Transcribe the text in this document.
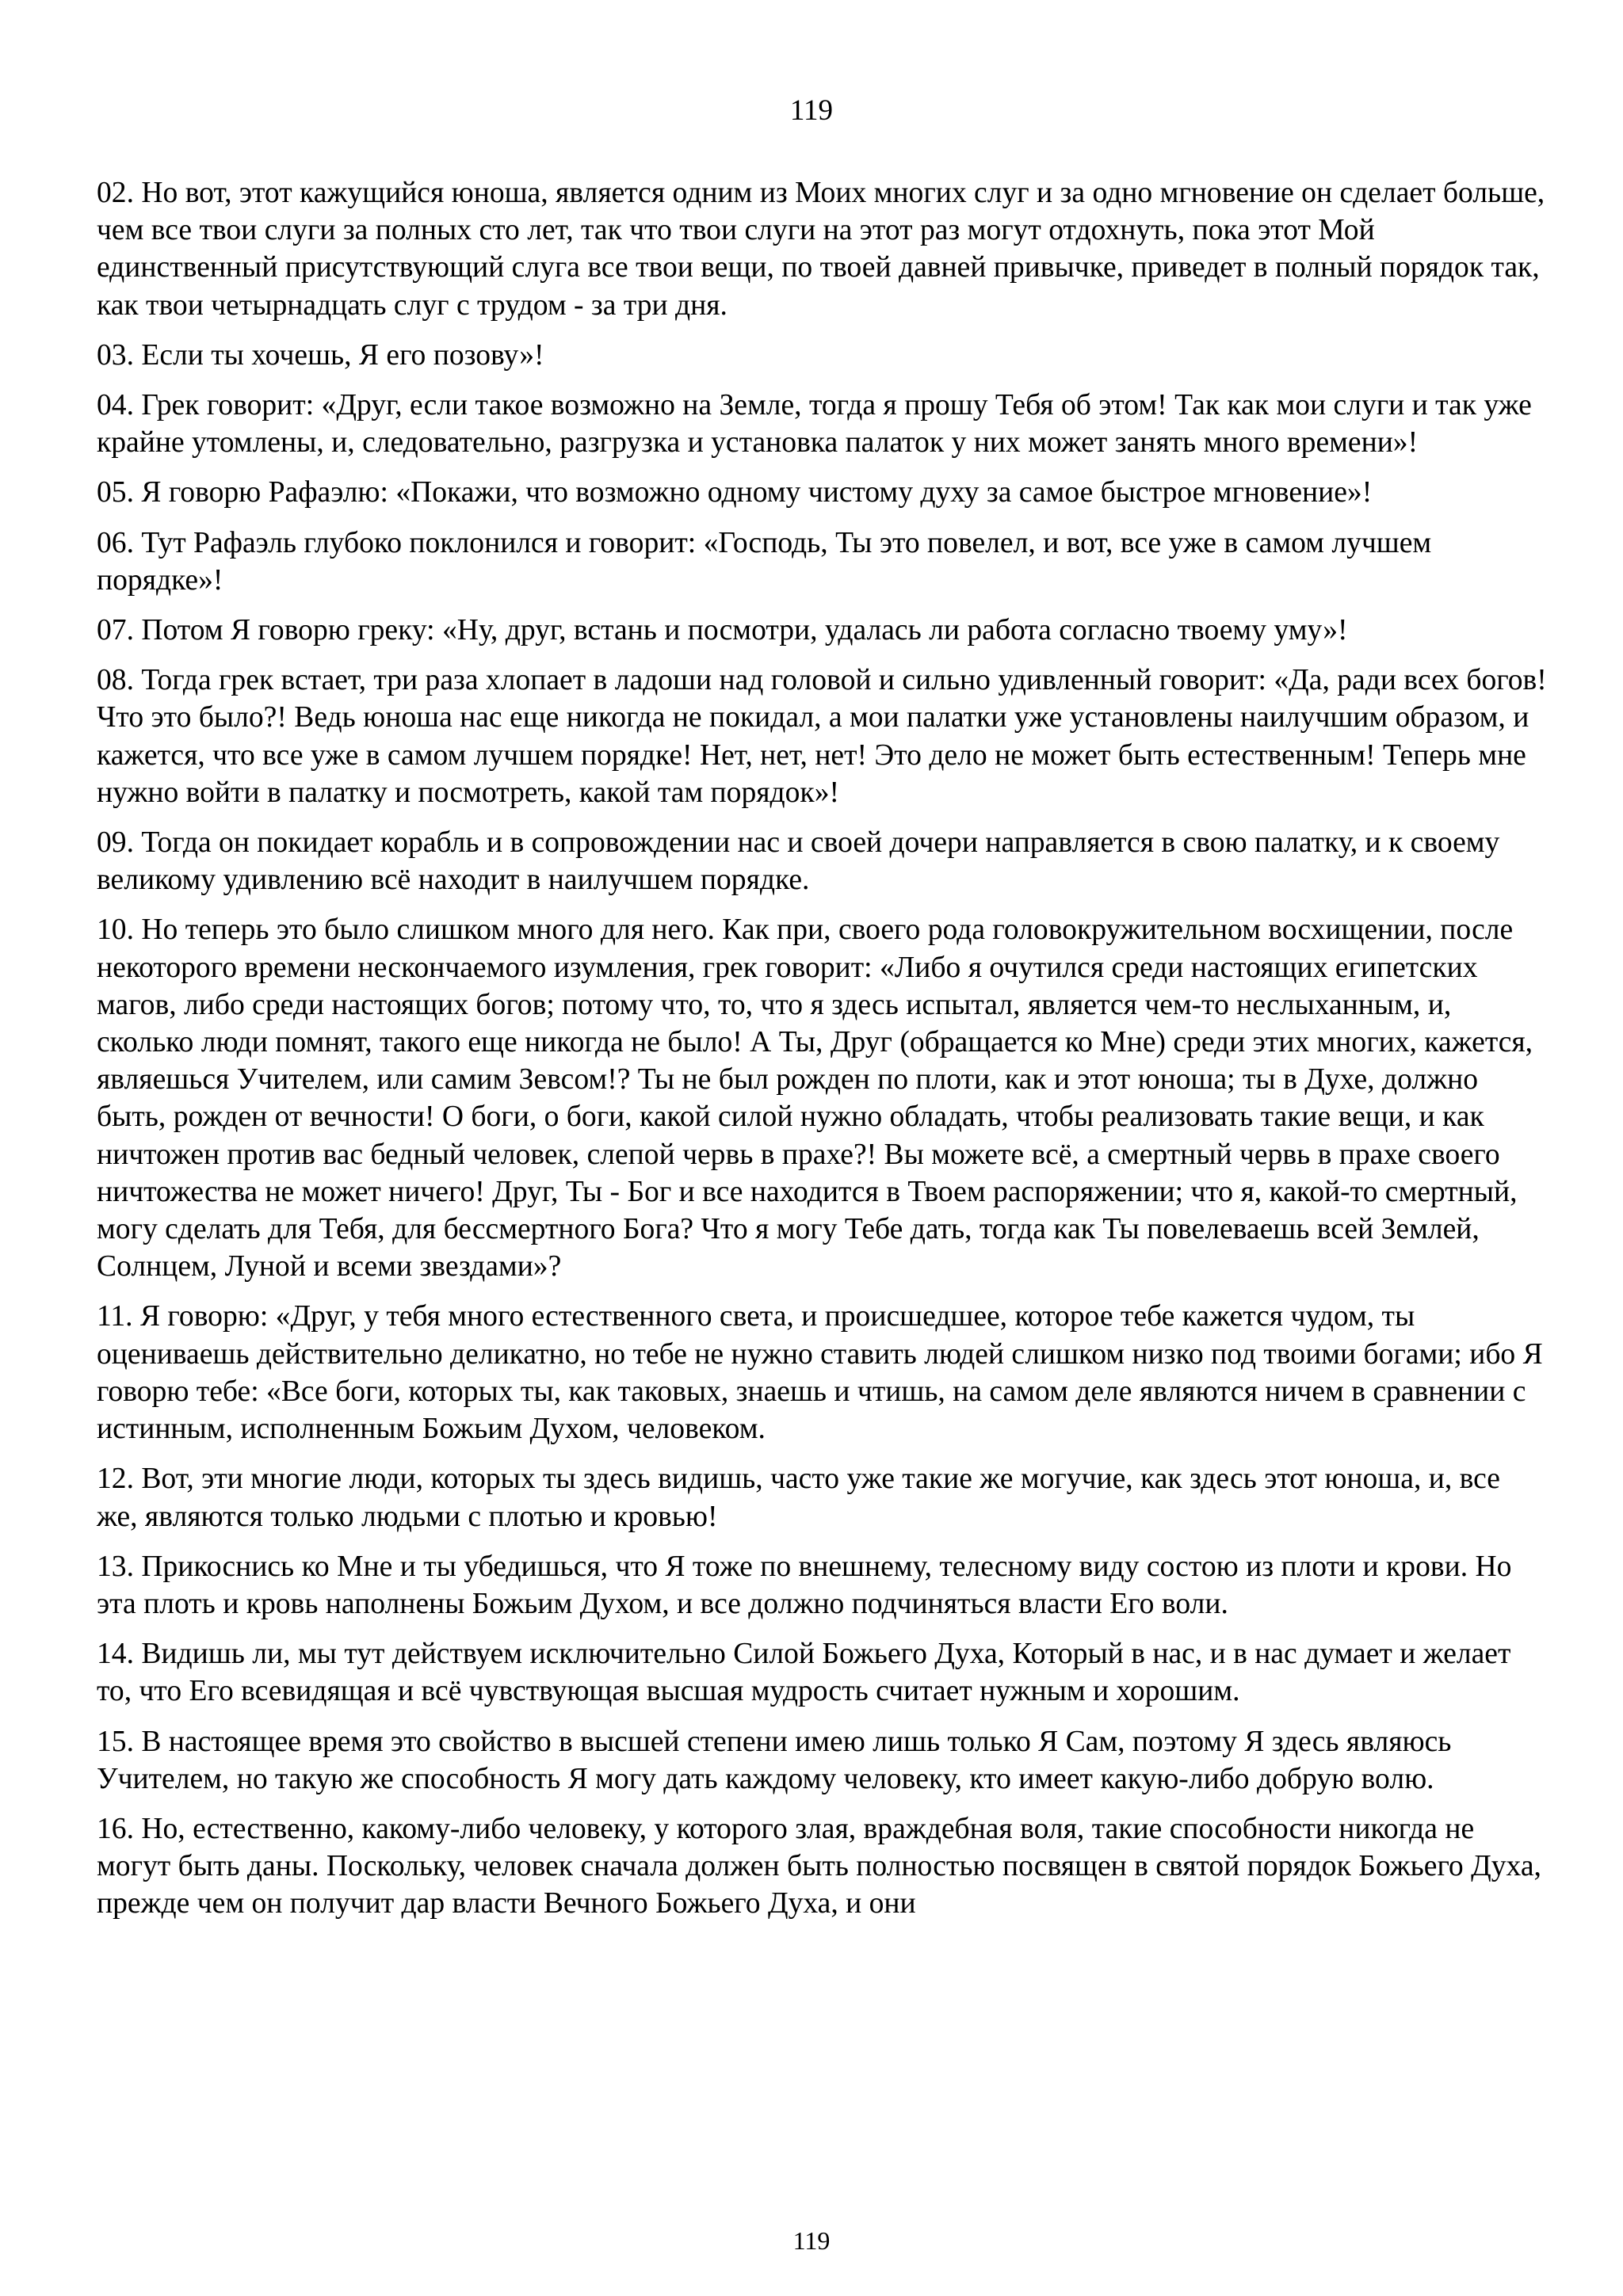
119

02. Но вот, этот кажущийся юноша, является одним из Моих многих слуг и за одно мгновение он сделает больше, чем все твои слуги за полных сто лет, так что твои слуги на этот раз могут отдохнуть, пока этот Мой единственный присутствующий слуга все твои вещи, по твоей давней привычке, приведет в полный порядок так, как твои четырнадцать слуг с трудом - за три дня.

03. Если ты хочешь, Я его позову»!

04. Грек говорит: «Друг, если такое возможно на Земле, тогда я прошу Тебя об этом! Так как мои слуги и так уже крайне утомлены, и, следовательно, разгрузка и установка палаток у них может занять много времени»!

05. Я говорю Рафаэлю: «Покажи, что возможно одному чистому духу за самое быстрое мгновение»!

06. Тут Рафаэль глубоко поклонился и говорит: «Господь, Ты это повелел, и вот, все уже в самом лучшем порядке»!

07. Потом Я говорю греку: «Ну, друг, встань и посмотри, удалась ли работа согласно твоему уму»!

08. Тогда грек встает, три раза хлопает в ладоши над головой и сильно удивленный говорит: «Да, ради всех богов! Что это было?! Ведь юноша нас еще никогда не покидал, а мои палатки уже установлены наилучшим образом, и кажется, что все уже в самом лучшем порядке! Нет, нет, нет! Это дело не может быть естественным! Теперь мне нужно войти в палатку и посмотреть, какой там порядок»!

09. Тогда он покидает корабль и в сопровождении нас и своей дочери направляется в свою палатку, и к своему великому удивлению всё находит в наилучшем порядке.

10. Но теперь это было слишком много для него. Как при, своего рода головокружительном восхищении, после некоторого времени нескончаемого изумления, грек говорит: «Либо я очутился среди настоящих египетских магов, либо среди настоящих богов; потому что, то, что я здесь испытал, является чем-то неслыханным, и, сколько люди помнят, такого еще никогда не было! А Ты, Друг (обращается ко Мне) среди этих многих, кажется, являешься Учителем, или самим Зевсом!? Ты не был рожден по плоти, как и этот юноша; ты в Духе, должно быть, рожден от вечности! О боги, о боги, какой силой нужно обладать, чтобы реализовать такие вещи, и как ничтожен против вас бедный человек, слепой червь в прахе?! Вы можете всё, а смертный червь в прахе своего ничтожества не может ничего! Друг, Ты - Бог и все находится в Твоем распоряжении; что я, какой-то смертный, могу сделать для Тебя, для бессмертного Бога? Что я могу Тебе дать, тогда как Ты повелеваешь всей Землей, Солнцем, Луной и всеми звездами»?

11. Я говорю: «Друг, у тебя много естественного света, и происшедшее, которое тебе кажется чудом, ты оцениваешь действительно деликатно, но тебе не нужно ставить людей слишком низко под твоими богами; ибо Я говорю тебе: «Все боги, которых ты, как таковых, знаешь и чтишь, на самом деле являются ничем в сравнении с истинным, исполненным Божьим Духом, человеком.

12. Вот, эти многие люди, которых ты здесь видишь, часто уже такие же могучие, как здесь этот юноша, и, все же, являются только людьми с плотью и кровью!

13. Прикоснись ко Мне и ты убедишься, что Я тоже по внешнему, телесному виду состою из плоти и крови. Но эта плоть и кровь наполнены Божьим Духом, и все должно подчиняться власти Его воли.

14. Видишь ли, мы тут действуем исключительно Силой Божьего Духа, Который в нас, и в нас думает и желает то, что Его всевидящая и всё чувствующая высшая мудрость считает нужным и хорошим.

15. В настоящее время это свойство в высшей степени имею лишь только Я Сам, поэтому Я здесь являюсь Учителем, но такую же способность Я могу дать каждому человеку, кто имеет какую-либо добрую волю.

16. Но, естественно, какому-либо человеку, у которого злая, враждебная воля, такие способности никогда не могут быть даны. Поскольку, человек сначала должен быть полностью посвящен в святой порядок Божьего Духа, прежде чем он получит дар власти Вечного Божьего Духа, и они

119
